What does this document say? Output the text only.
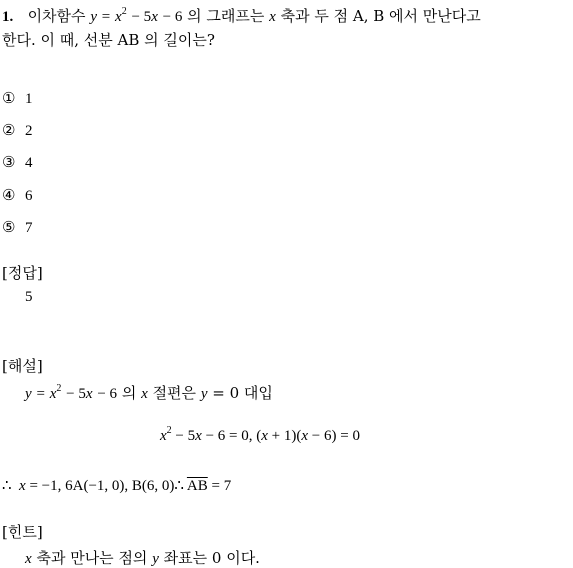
1. 이차함수 $y = x^2 - 5x - 6$ 의 그래프는 x 축과 두 점 A, B 에서 만난다고
한다. 이 때, 선분 AB 의 길이는?
① 1
② 2
③ 4
④ 6
⑤ 7
[정답]
5
[해설]
$y = x^2 - 5x - 6$ 의 x 절편은 y = 0 대입
$x^2 - 5x - 6 = 0$, (x + 1)(x − 6) = 0
∴ x = −1, 6A(−1, 0), B(6, 0)∴ $\overline{AB} = 7$
[힌트]
x 축과 만나는 점의 y 좌표는 0 이다.
